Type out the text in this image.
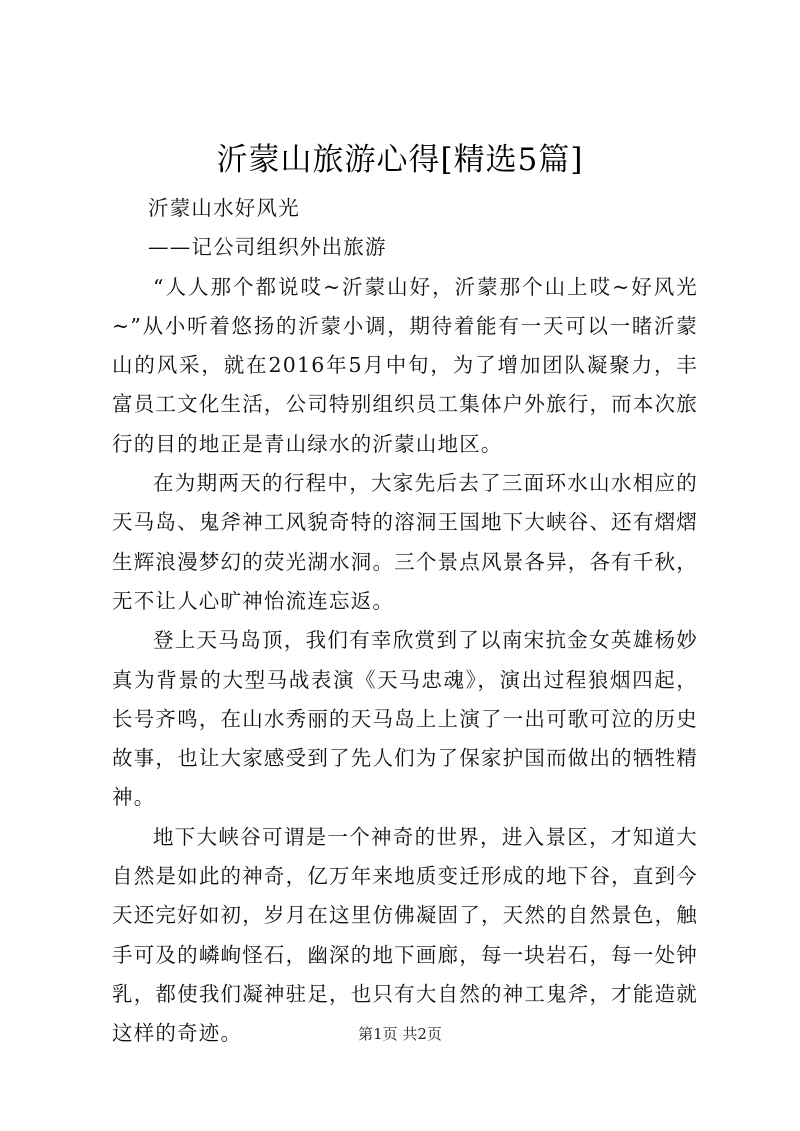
沂蒙山旅游心得[精选5篇]

沂蒙山水好风光

——记公司组织外出旅游

“人人那个都说哎~沂蒙山好，沂蒙那个山上哎~好风光~”从小听着悠扬的沂蒙小调，期待着能有一天可以一睹沂蒙山的风采，就在2016年5月中旬，为了增加团队凝聚力，丰富员工文化生活，公司特别组织员工集体户外旅行，而本次旅行的目的地正是青山绿水的沂蒙山地区。

在为期两天的行程中，大家先后去了三面环水山水相应的天马岛、鬼斧神工风貌奇特的溶洞王国地下大峡谷、还有熠熠生辉浪漫梦幻的荧光湖水洞。三个景点风景各异，各有千秋，无不让人心旷神怡流连忘返。

登上天马岛顶，我们有幸欣赏到了以南宋抗金女英雄杨妙真为背景的大型马战表演《天马忠魂》，演出过程狼烟四起，长号齐鸣，在山水秀丽的天马岛上上演了一出可歌可泣的历史故事，也让大家感受到了先人们为了保家护国而做出的牺牲精神。

地下大峡谷可谓是一个神奇的世界，进入景区，才知道大自然是如此的神奇，亿万年来地质变迁形成的地下谷，直到今天还完好如初，岁月在这里仿佛凝固了，天然的自然景色，触手可及的嶙峋怪石，幽深的地下画廊，每一块岩石，每一处钟乳，都使我们凝神驻足，也只有大自然的神工鬼斧，才能造就这样的奇迹。	第1页 共2页
